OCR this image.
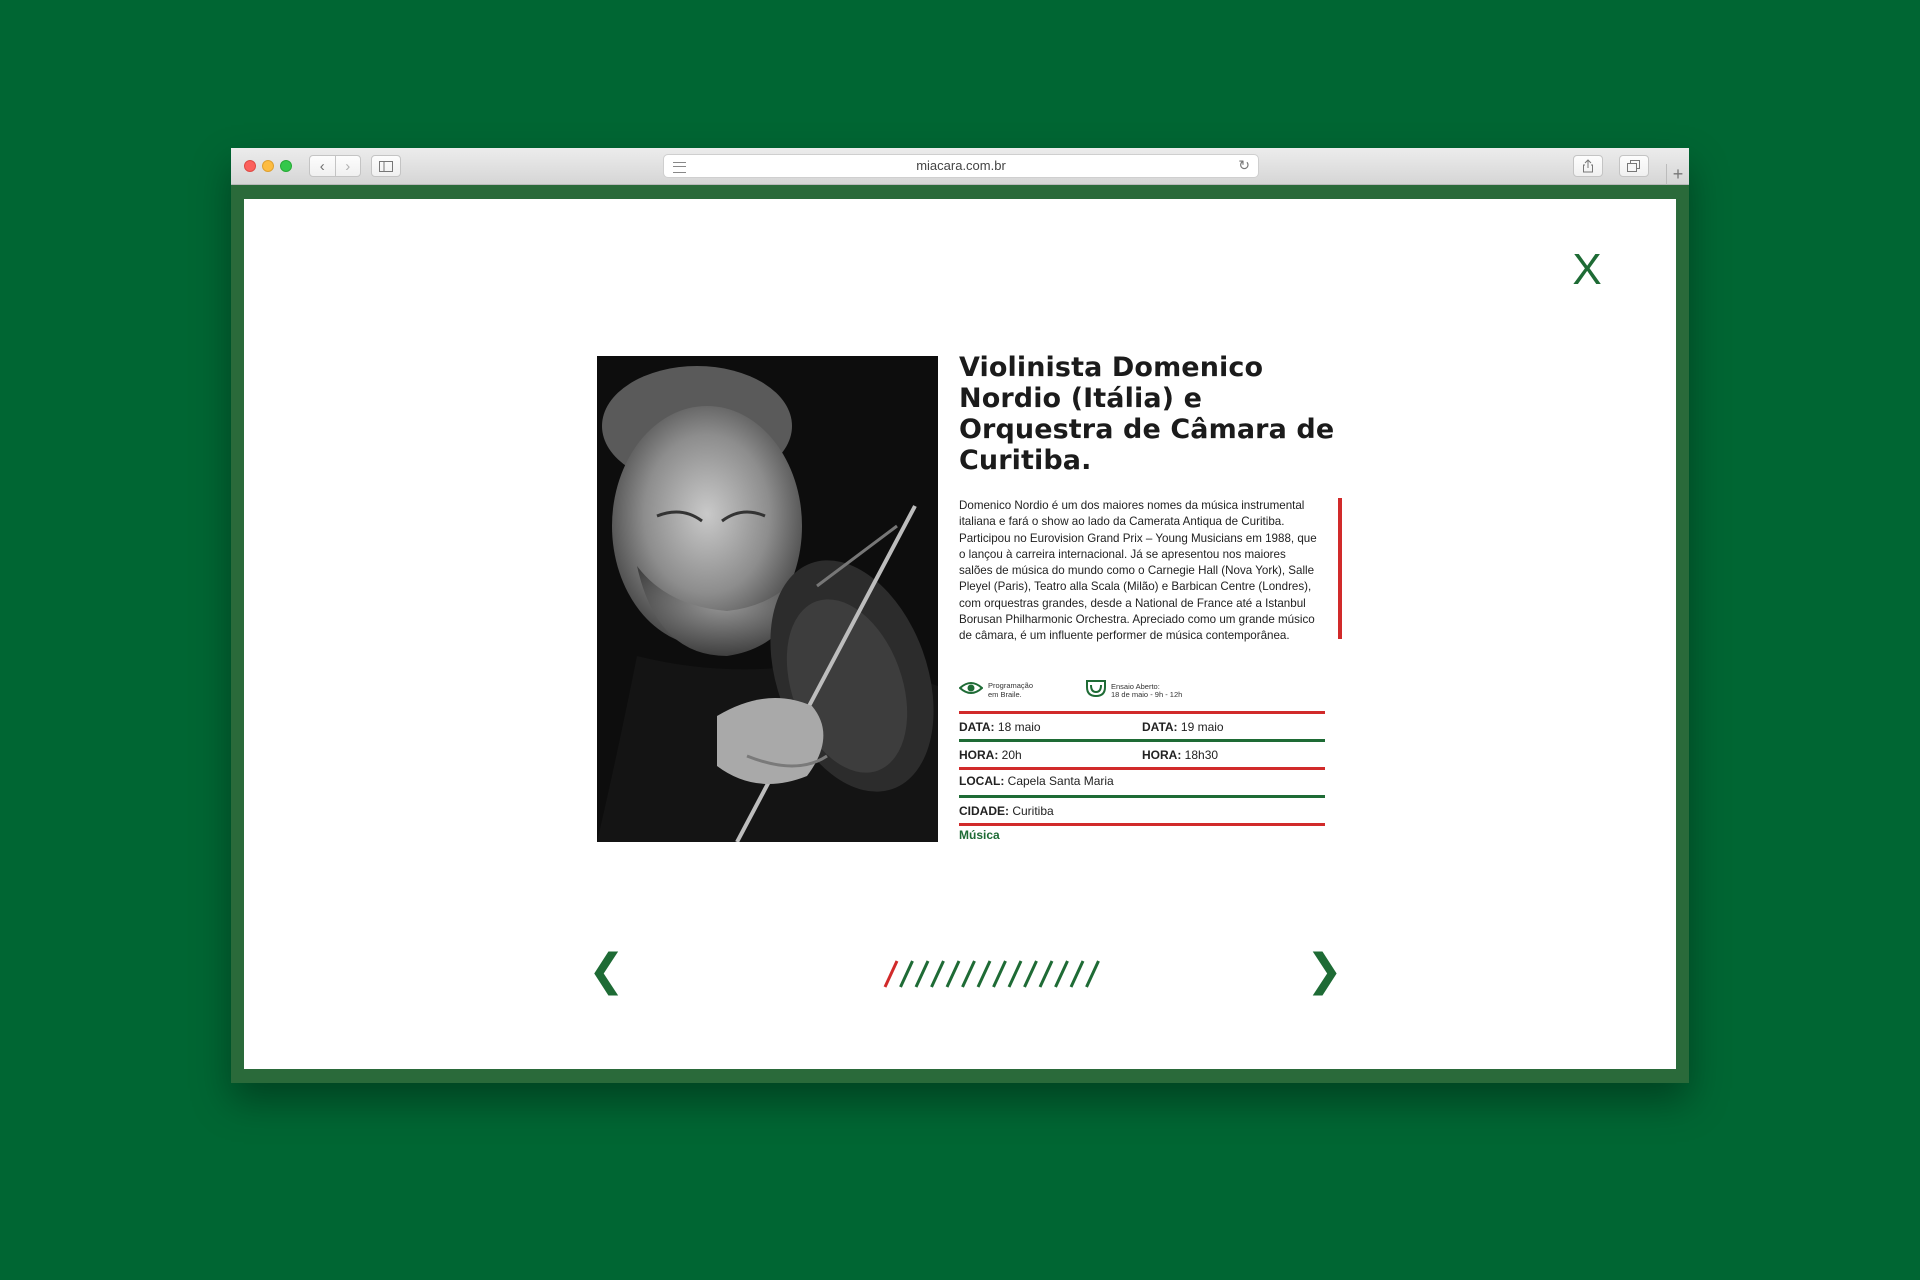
‹	›	miacara.com.br	↻	+
X
Violinista Domenico Nordio (Itália) e Orquestra de Câmara de Curitiba.

Domenico Nordio é um dos maiores nomes da música instrumental italiana e fará o show ao lado da Camerata Antiqua de Curitiba. Participou no Eurovision Grand Prix – Young Musicians em 1988, que o lançou à carreira internacional. Já se apresentou nos maiores salões de música do mundo como o Carnegie Hall (Nova York), Salle Pleyel (Paris), Teatro alla Scala (Milão) e Barbican Centre (Londres), com orquestras grandes, desde a National de France até a Istanbul Borusan Philharmonic Orchestra. Apreciado como um grande músico de câmara, é um influente performer de música contemporânea.

Programação
em Braile.
Ensaio Aberto:
18 de maio - 9h - 12h
DATA: 18 maio	DATA: 19 maio
HORA: 20h	HORA: 18h30
LOCAL: Capela Santa Maria
CIDADE: Curitiba
Música
❮	❯
